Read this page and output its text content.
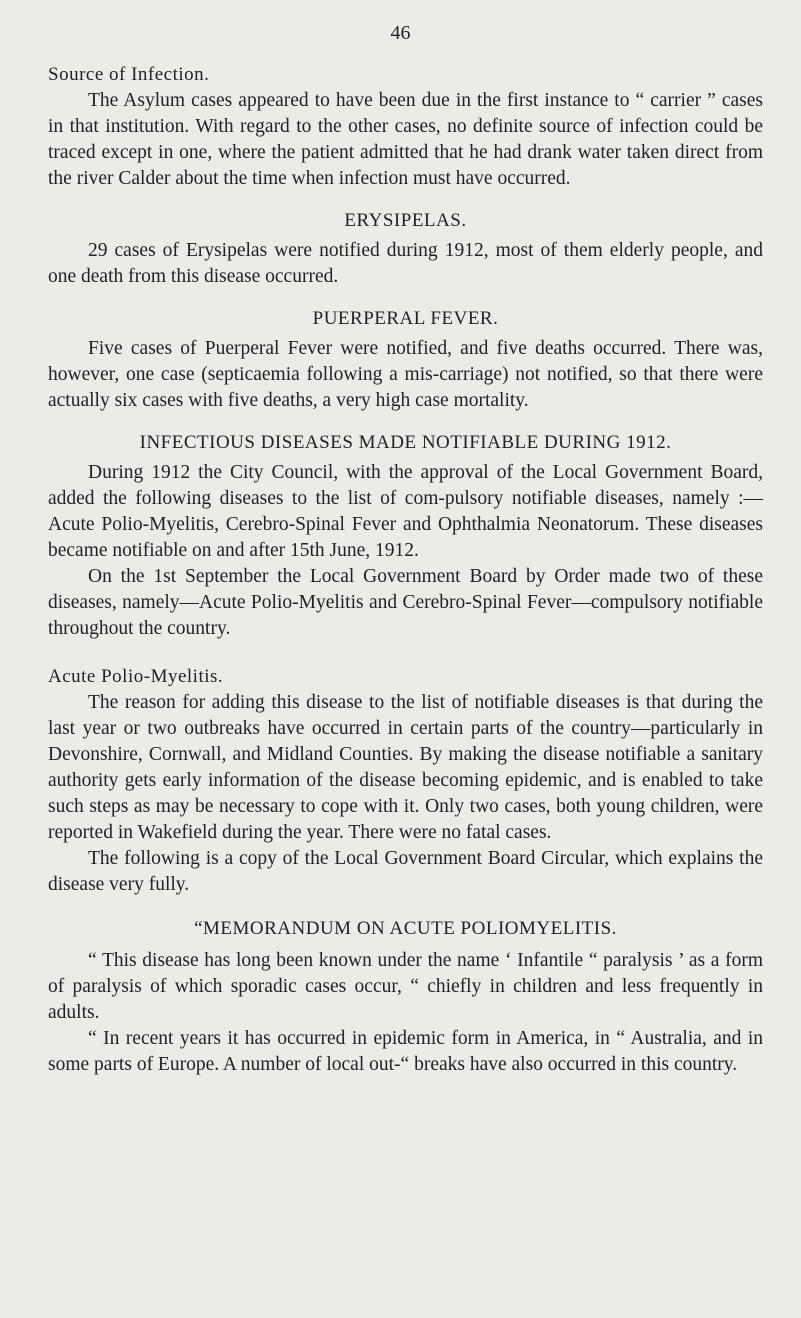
46

Source of Infection.

The Asylum cases appeared to have been due in the first instance to “ carrier ” cases in that institution. With regard to the other cases, no definite source of infection could be traced except in one, where the patient admitted that he had drank water taken direct from the river Calder about the time when infection must have occurred.

ERYSIPELAS.

29 cases of Erysipelas were notified during 1912, most of them elderly people, and one death from this disease occurred.

PUERPERAL FEVER.

Five cases of Puerperal Fever were notified, and five deaths occurred. There was, however, one case (septicaemia following a mis-carriage) not notified, so that there were actually six cases with five deaths, a very high case mortality.

INFECTIOUS DISEASES MADE NOTIFIABLE DURING 1912.

During 1912 the City Council, with the approval of the Local Government Board, added the following diseases to the list of com-pulsory notifiable diseases, namely :—Acute Polio-Myelitis, Cerebro-Spinal Fever and Ophthalmia Neonatorum. These diseases became notifiable on and after 15th June, 1912.

On the 1st September the Local Government Board by Order made two of these diseases, namely—Acute Polio-Myelitis and Cerebro-Spinal Fever—compulsory notifiable throughout the country.

Acute Polio-Myelitis.

The reason for adding this disease to the list of notifiable diseases is that during the last year or two outbreaks have occurred in certain parts of the country—particularly in Devonshire, Cornwall, and Midland Counties. By making the disease notifiable a sanitary authority gets early information of the disease becoming epidemic, and is enabled to take such steps as may be necessary to cope with it. Only two cases, both young children, were reported in Wakefield during the year. There were no fatal cases.

The following is a copy of the Local Government Board Circular, which explains the disease very fully.

“MEMORANDUM ON ACUTE POLIOMYELITIS.

“ This disease has long been known under the name ‘ Infantile “ paralysis ’ as a form of paralysis of which sporadic cases occur, “ chiefly in children and less frequently in adults.

“ In recent years it has occurred in epidemic form in America, in “ Australia, and in some parts of Europe. A number of local out-“ breaks have also occurred in this country.
